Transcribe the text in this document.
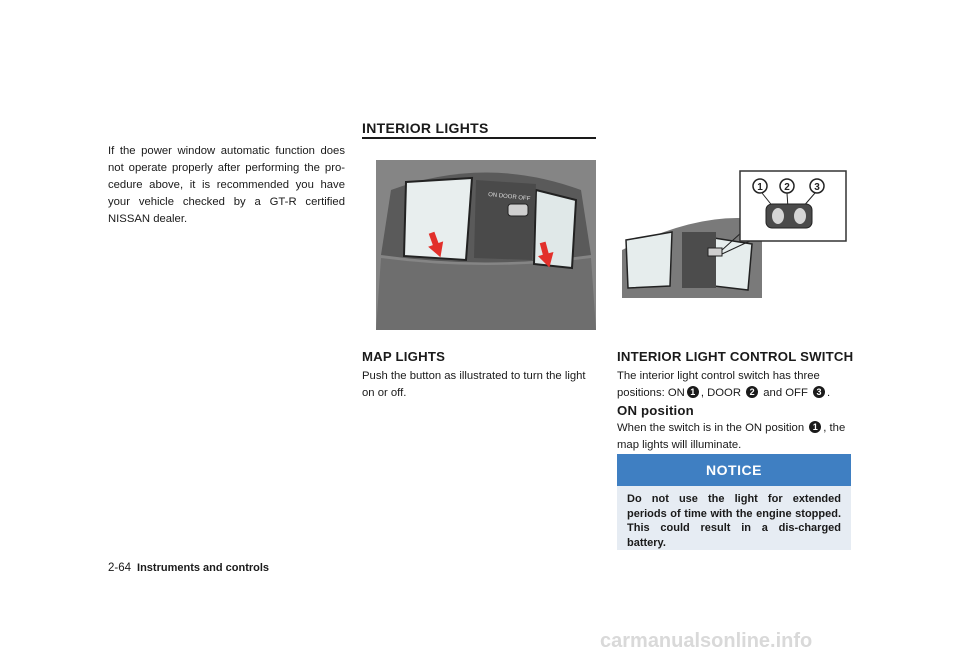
If the power window automatic function does not operate properly after performing the pro-cedure above, it is recommended you have your vehicle checked by a GT-R certified NISSAN dealer.
INTERIOR LIGHTS
ON DOOR OFF
MAP LIGHTS
Push the button as illustrated to turn the light on or off.
1 2 3
INTERIOR LIGHT CONTROL SWITCH
The interior light control switch has three positions: ON 1 , DOOR 2 and OFF 3 .
ON position
When the switch is in the ON position 1 , the map lights will illuminate.
NOTICE
Do not use the light for extended periods of time with the engine stopped. This could result in a dis-charged battery.
2-64 Instruments and controls
carmanualsonline.info
